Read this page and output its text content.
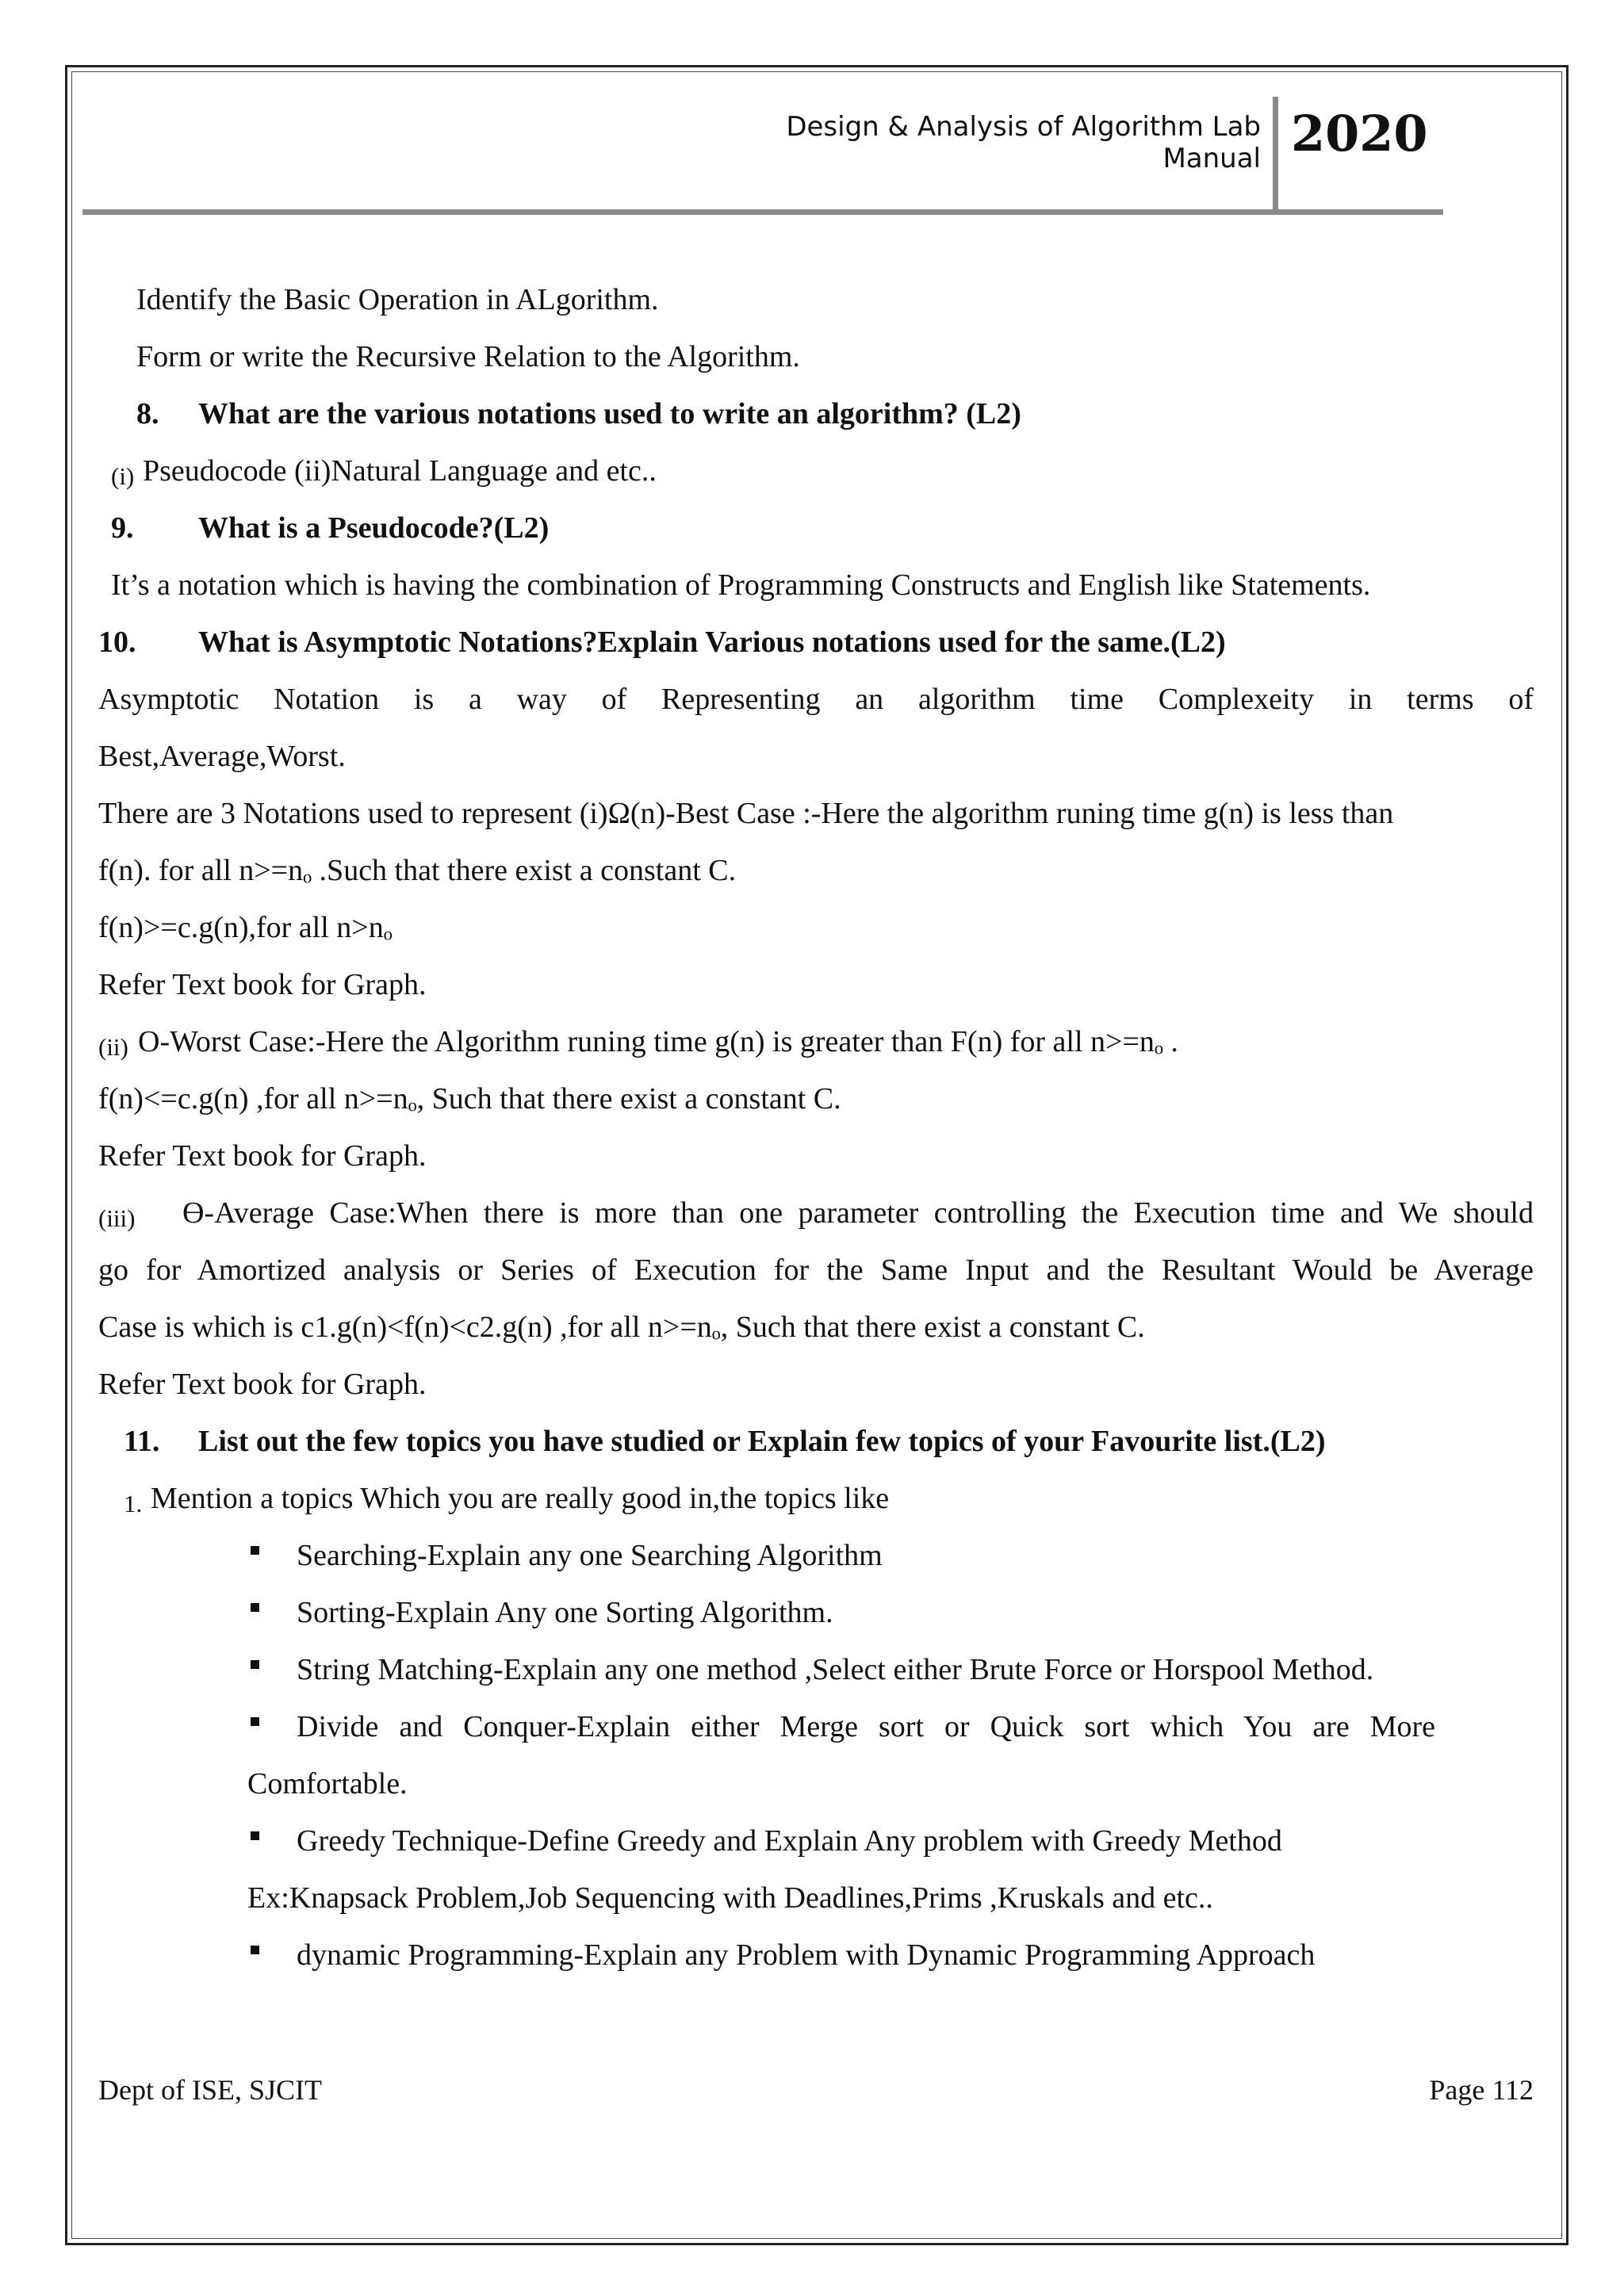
Design & Analysis of Algorithm Lab Manual 2020
Identify the Basic Operation in ALgorithm.
Form or write the Recursive Relation to the Algorithm.
8. What are the various notations used to write an algorithm? (L2)
(i) Pseudocode (ii)Natural Language and etc..
9. What is a Pseudocode?(L2)
It’s a notation which is having the combination of Programming Constructs and English like Statements.
10. What is Asymptotic Notations?Explain Various notations used for the same.(L2)
Asymptotic Notation is a way of Representing an algorithm time Complexeity in terms of
Best,Average,Worst.
There are 3 Notations used to represent (i)Ω(n)-Best Case :-Here the algorithm runing time g(n) is less than
f(n). for all n>=nₒ .Such that there exist a constant C.
f(n)>=c.g(n),for all n>nₒ
Refer Text book for Graph.
(ii) O-Worst Case:-Here the Algorithm runing time g(n) is greater than F(n) for all n>=nₒ .
f(n)<=c.g(n) ,for all n>=nₒ, Such that there exist a constant C.
Refer Text book for Graph.
(iii) ϴ-Average Case:When there is more than one parameter controlling the Execution time and We should
go for Amortized analysis or Series of Execution for the Same Input and the Resultant Would be Average
Case is which is c1.g(n)<f(n)<c2.g(n) ,for all n>=nₒ, Such that there exist a constant C.
Refer Text book for Graph.
11. List out the few topics you have studied or Explain few topics of your Favourite list.(L2)
1. Mention a topics Which you are really good in,the topics like
Searching-Explain any one Searching Algorithm
Sorting-Explain Any one Sorting Algorithm.
String Matching-Explain any one method ,Select either Brute Force or Horspool Method.
Divide and Conquer-Explain either Merge sort or Quick sort which You are More
Comfortable.
Greedy Technique-Define Greedy and Explain Any problem with Greedy Method
Ex:Knapsack Problem,Job Sequencing with Deadlines,Prims ,Kruskals and etc..
dynamic Programming-Explain any Problem with Dynamic Programming Approach
Dept of ISE, SJCIT	Page 112
